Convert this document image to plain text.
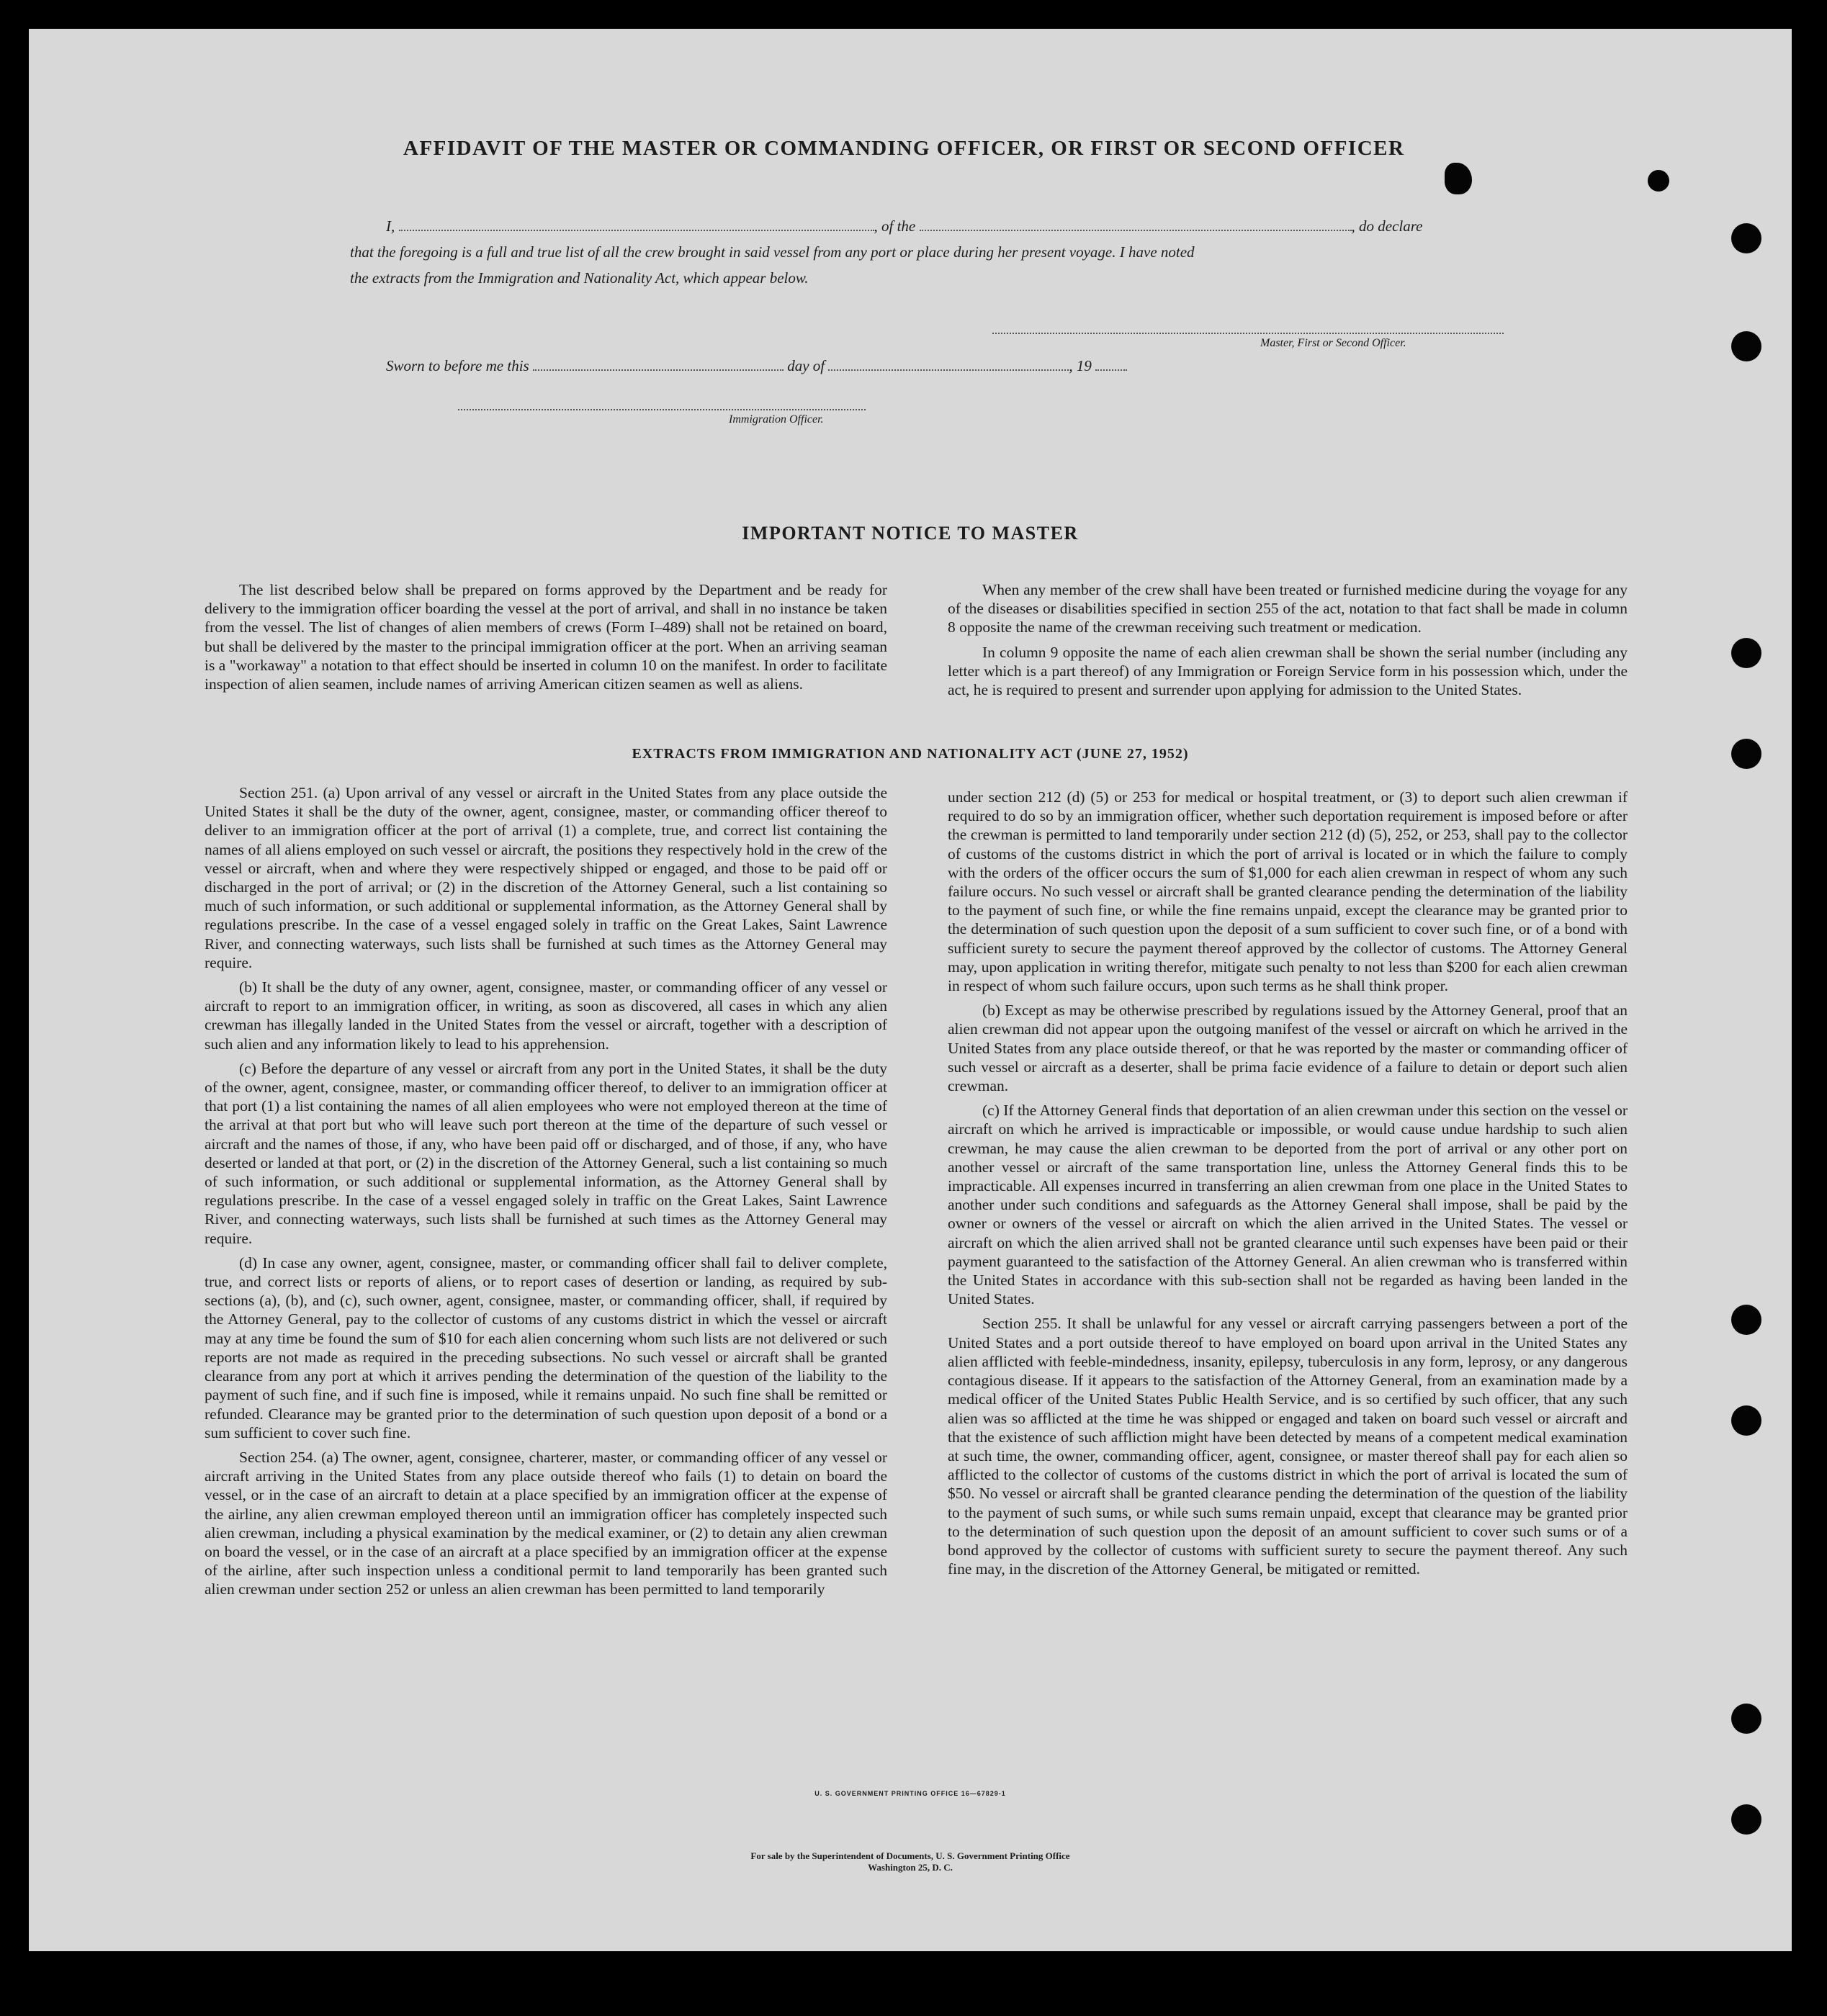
AFFIDAVIT OF THE MASTER OR COMMANDING OFFICER, OR FIRST OR SECOND OFFICER
I,	, of the	, do declare
that the foregoing is a full and true list of all the crew brought in said vessel from any port or place during her present voyage. I have noted
the extracts from the Immigration and Nationality Act, which appear below.
Master, First or Second Officer.
Sworn to before me this	day of	, 19
Immigration Officer.
IMPORTANT NOTICE TO MASTER

The list described below shall be prepared on forms approved by the Department and be ready for delivery to the immigration officer boarding the vessel at the port of arrival, and shall in no instance be taken from the vessel. The list of changes of alien members of crews (Form I–489) shall not be retained on board, but shall be delivered by the master to the principal immigration officer at the port. When an arriving seaman is a "workaway" a notation to that effect should be inserted in column 10 on the manifest. In order to facilitate inspection of alien seamen, include names of arriving American citizen seamen as well as aliens.

When any member of the crew shall have been treated or furnished medicine during the voyage for any of the diseases or disabilities specified in section 255 of the act, notation to that fact shall be made in column 8 opposite the name of the crewman receiving such treatment or medication.

In column 9 opposite the name of each alien crewman shall be shown the serial number (including any letter which is a part thereof) of any Immigration or Foreign Service form in his possession which, under the act, he is required to present and surrender upon applying for admission to the United States.

EXTRACTS FROM IMMIGRATION AND NATIONALITY ACT (JUNE 27, 1952)

Section 251. (a) Upon arrival of any vessel or aircraft in the United States from any place outside the United States it shall be the duty of the owner, agent, consignee, master, or commanding officer thereof to deliver to an immigration officer at the port of arrival (1) a complete, true, and correct list containing the names of all aliens employed on such vessel or aircraft, the positions they respectively hold in the crew of the vessel or aircraft, when and where they were respectively shipped or engaged, and those to be paid off or discharged in the port of arrival; or (2) in the discretion of the Attorney General, such a list containing so much of such information, or such additional or supplemental information, as the Attorney General shall by regulations prescribe. In the case of a vessel engaged solely in traffic on the Great Lakes, Saint Lawrence River, and connecting waterways, such lists shall be furnished at such times as the Attorney General may require.

(b) It shall be the duty of any owner, agent, consignee, master, or commanding officer of any vessel or aircraft to report to an immigration officer, in writing, as soon as discovered, all cases in which any alien crewman has illegally landed in the United States from the vessel or aircraft, together with a description of such alien and any information likely to lead to his apprehension.

(c) Before the departure of any vessel or aircraft from any port in the United States, it shall be the duty of the owner, agent, consignee, master, or commanding officer thereof, to deliver to an immigration officer at that port (1) a list containing the names of all alien employees who were not employed thereon at the time of the arrival at that port but who will leave such port thereon at the time of the departure of such vessel or aircraft and the names of those, if any, who have been paid off or discharged, and of those, if any, who have deserted or landed at that port, or (2) in the discretion of the Attorney General, such a list containing so much of such information, or such additional or supplemental information, as the Attorney General shall by regulations prescribe. In the case of a vessel engaged solely in traffic on the Great Lakes, Saint Lawrence River, and connecting waterways, such lists shall be furnished at such times as the Attorney General may require.

(d) In case any owner, agent, consignee, master, or commanding officer shall fail to deliver complete, true, and correct lists or reports of aliens, or to report cases of desertion or landing, as required by sub-sections (a), (b), and (c), such owner, agent, consignee, master, or commanding officer, shall, if required by the Attorney General, pay to the collector of customs of any customs district in which the vessel or aircraft may at any time be found the sum of $10 for each alien concerning whom such lists are not delivered or such reports are not made as required in the preceding subsections. No such vessel or aircraft shall be granted clearance from any port at which it arrives pending the determination of the question of the liability to the payment of such fine, and if such fine is imposed, while it remains unpaid. No such fine shall be remitted or refunded. Clearance may be granted prior to the determination of such question upon deposit of a bond or a sum sufficient to cover such fine.

Section 254. (a) The owner, agent, consignee, charterer, master, or commanding officer of any vessel or aircraft arriving in the United States from any place outside thereof who fails (1) to detain on board the vessel, or in the case of an aircraft to detain at a place specified by an immigration officer at the expense of the airline, any alien crewman employed thereon until an immigration officer has completely inspected such alien crewman, including a physical examination by the medical examiner, or (2) to detain any alien crewman on board the vessel, or in the case of an aircraft at a place specified by an immigration officer at the expense of the airline, after such inspection unless a conditional permit to land temporarily has been granted such alien crewman under section 252 or unless an alien crewman has been permitted to land temporarily

under section 212 (d) (5) or 253 for medical or hospital treatment, or (3) to deport such alien crewman if required to do so by an immigration officer, whether such deportation requirement is imposed before or after the crewman is permitted to land temporarily under section 212 (d) (5), 252, or 253, shall pay to the collector of customs of the customs district in which the port of arrival is located or in which the failure to comply with the orders of the officer occurs the sum of $1,000 for each alien crewman in respect of whom any such failure occurs. No such vessel or aircraft shall be granted clearance pending the determination of the liability to the payment of such fine, or while the fine remains unpaid, except the clearance may be granted prior to the determination of such question upon the deposit of a sum sufficient to cover such fine, or of a bond with sufficient surety to secure the payment thereof approved by the collector of customs. The Attorney General may, upon application in writing therefor, mitigate such penalty to not less than $200 for each alien crewman in respect of whom such failure occurs, upon such terms as he shall think proper.

(b) Except as may be otherwise prescribed by regulations issued by the Attorney General, proof that an alien crewman did not appear upon the outgoing manifest of the vessel or aircraft on which he arrived in the United States from any place outside thereof, or that he was reported by the master or commanding officer of such vessel or aircraft as a deserter, shall be prima facie evidence of a failure to detain or deport such alien crewman.

(c) If the Attorney General finds that deportation of an alien crewman under this section on the vessel or aircraft on which he arrived is impracticable or impossible, or would cause undue hardship to such alien crewman, he may cause the alien crewman to be deported from the port of arrival or any other port on another vessel or aircraft of the same transportation line, unless the Attorney General finds this to be impracticable. All expenses incurred in transferring an alien crewman from one place in the United States to another under such conditions and safeguards as the Attorney General shall impose, shall be paid by the owner or owners of the vessel or aircraft on which the alien arrived in the United States. The vessel or aircraft on which the alien arrived shall not be granted clearance until such expenses have been paid or their payment guaranteed to the satisfaction of the Attorney General. An alien crewman who is transferred within the United States in accordance with this sub-section shall not be regarded as having been landed in the United States.

Section 255. It shall be unlawful for any vessel or aircraft carrying passengers between a port of the United States and a port outside thereof to have employed on board upon arrival in the United States any alien afflicted with feeble-mindedness, insanity, epilepsy, tuberculosis in any form, leprosy, or any dangerous contagious disease. If it appears to the satisfaction of the Attorney General, from an examination made by a medical officer of the United States Public Health Service, and is so certified by such officer, that any such alien was so afflicted at the time he was shipped or engaged and taken on board such vessel or aircraft and that the existence of such affliction might have been detected by means of a competent medical examination at such time, the owner, commanding officer, agent, consignee, or master thereof shall pay for each alien so afflicted to the collector of customs of the customs district in which the port of arrival is located the sum of $50. No vessel or aircraft shall be granted clearance pending the determination of the question of the liability to the payment of such sums, or while such sums remain unpaid, except that clearance may be granted prior to the determination of such question upon the deposit of an amount sufficient to cover such sums or of a bond approved by the collector of customs with sufficient surety to secure the payment thereof. Any such fine may, in the discretion of the Attorney General, be mitigated or remitted.

U. S. GOVERNMENT PRINTING OFFICE 16—67829-1
For sale by the Superintendent of Documents, U. S. Government Printing Office
Washington 25, D. C.
